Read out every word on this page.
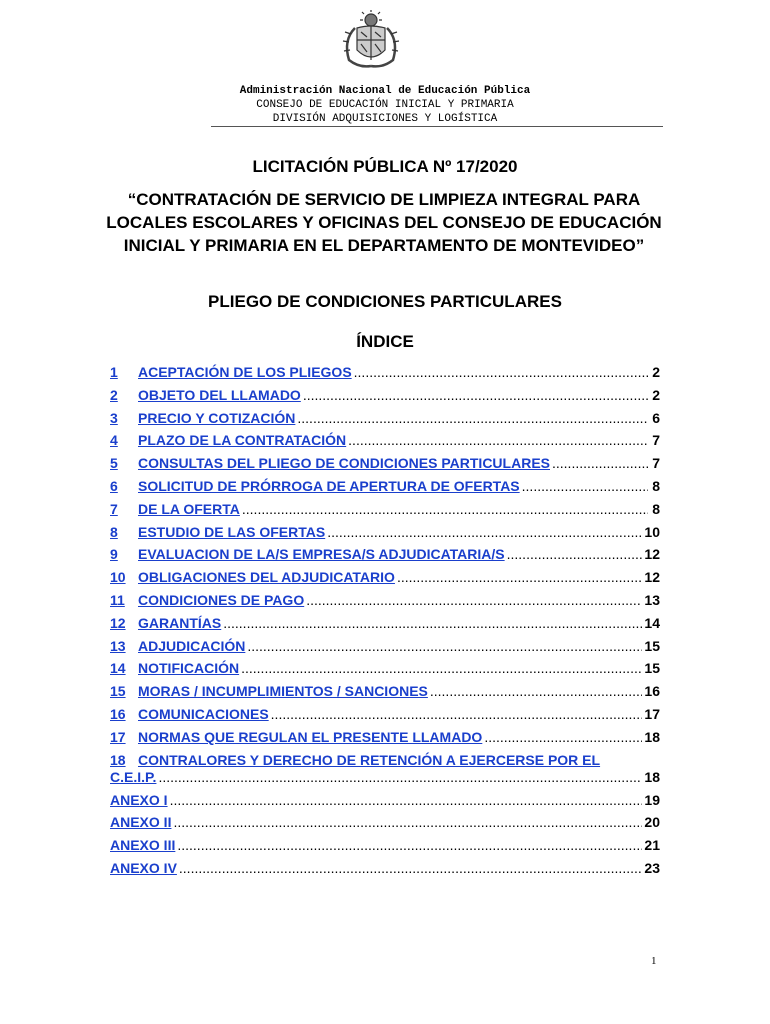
Administración Nacional de Educación Pública
CONSEJO DE EDUCACIÓN INICIAL Y PRIMARIA
DIVISIÓN ADQUISICIONES Y LOGÍSTICA
LICITACIÓN PÚBLICA Nº 17/2020
“CONTRATACIÓN DE SERVICIO DE LIMPIEZA INTEGRAL PARA LOCALES ESCOLARES Y OFICINAS DEL CONSEJO DE EDUCACIÓN INICIAL Y PRIMARIA EN EL DEPARTAMENTO DE MONTEVIDEO”
PLIEGO DE CONDICIONES PARTICULARES
ÍNDICE
1	ACEPTACIÓN DE LOS PLIEGOS .....	2
2	OBJETO DEL LLAMADO .....	2
3	PRECIO Y COTIZACIÓN .....	6
4	PLAZO DE LA CONTRATACIÓN .....	7
5	CONSULTAS DEL PLIEGO DE CONDICIONES PARTICULARES .....	7
6	SOLICITUD DE PRÓRROGA DE APERTURA DE OFERTAS .....	8
7	DE LA OFERTA .....	8
8	ESTUDIO DE LAS OFERTAS .....	10
9	EVALUACION DE LA/S EMPRESA/S ADJUDICATARIA/S .....	12
10 OBLIGACIONES DEL ADJUDICATARIO .....	12
11 CONDICIONES DE PAGO .....	13
12 GARANTÍAS .....	14
13 ADJUDICACIÓN .....	15
14 NOTIFICACIÓN .....	15
15 MORAS / INCUMPLIMIENTOS / SANCIONES .....	16
16 COMUNICACIONES .....	17
17 NORMAS QUE REGULAN EL PRESENTE LLAMADO .....	18
18 CONTRALORES Y DERECHO DE RETENCIÓN A EJERCERSE POR EL
C.E.I.P. .....	18
ANEXO I .....	19
ANEXO II .....	20
ANEXO III .....	21
ANEXO IV .....	23
1
